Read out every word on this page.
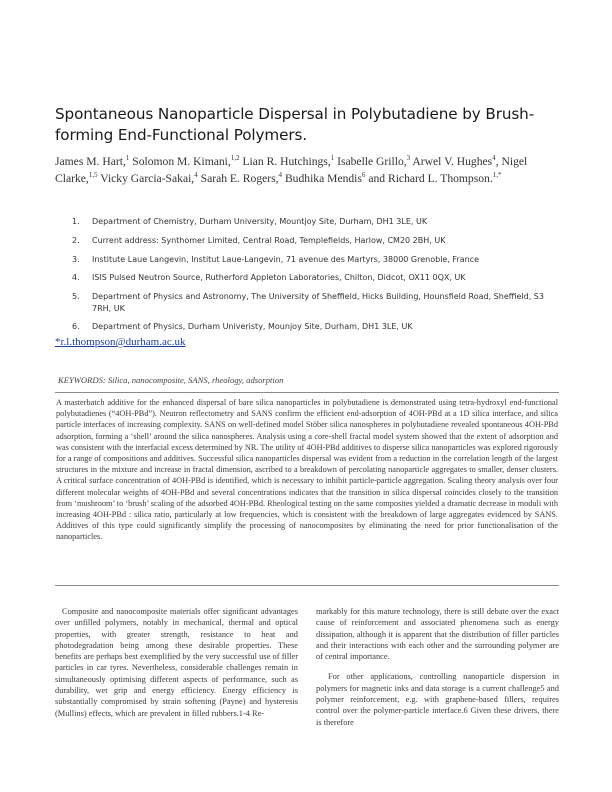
Spontaneous Nanoparticle Dispersal in Polybutadiene by Brush-forming End-Functional Polymers.
James M. Hart,$^1$ Solomon M. Kimani,$^{1,2}$ Lian R. Hutchings,$^1$ Isabelle Grillo,$^3$ Arwel V. Hughes$^4$, Nigel Clarke,$^{1,5}$ Vicky Garcia-Sakai,$^4$ Sarah E. Rogers,$^4$ Budhika Mendis$^6$ and Richard L. Thompson.$^{1,*}$
1. Department of Chemistry, Durham University, Mountjoy Site, Durham, DH1 3LE, UK
2. Current address: Synthomer Limited, Central Road, Templefields, Harlow, CM20 2BH, UK
3. Institute Laue Langevin, Institut Laue-Langevin, 71 avenue des Martyrs, 38000 Grenoble, France
4. ISIS Pulsed Neutron Source, Rutherford Appleton Laboratories, Chilton, Didcot, OX11 0QX, UK
5. Department of Physics and Astronomy, The University of Sheffield, Hicks Building, Hounsfield Road, Sheffield, S3 7RH, UK
6. Department of Physics, Durham Univeristy, Mounjoy Site, Durham, DH1 3LE, UK
*r.l.thompson@durham.ac.uk
KEYWORDS: Silica, nanocomposite, SANS, rheology, adsorption
A masterbatch additive for the enhanced dispersal of bare silica nanoparticles in polybutadiene is demonstrated using tetra-hydroxyl end-functional polybutadienes (“4OH-PBd”). Neutron reflectometry and SANS confirm the efficient end-adsorption of 4OH-PBd at a 1D silica interface, and silica particle interfaces of increasing complexity. SANS on well-defined model Stöber silica nanospheres in polybutadiene revealed spontaneous 4OH-PBd adsorption, forming a ‘shell’ around the silica nanospheres. Analysis using a core-shell fractal model system showed that the extent of adsorption and was consistent with the interfacial excess determined by NR. The utility of 4OH-PBd additives to disperse silica nanoparticles was explored rigorously for a range of compositions and additives. Successful silica nanoparticles dispersal was evident from a reduction in the correlation length of the largest structures in the mixture and increase in fractal dimension, ascribed to a breakdown of percolating nanoparticle aggregates to smaller, denser clusters. A critical surface concentration of 4OH-PBd is identified, which is necessary to inhibit particle-particle aggregation. Scaling theory analysis over four different molecular weights of 4OH-PBd and several concentrations indicates that the transition in silica dispersal coincides closely to the transition from ‘mushroom’ to ‘brush’ scaling of the adsorbed 4OH-PBd. Rheological testing on the same composites yielded a dramatic decrease in moduli with increasing 4OH-PBd : silica ratio, particularly at low frequencies, which is consistent with the breakdown of large aggregates evidenced by SANS. Additives of this type could significantly simplify the processing of nanocomposites by eliminating the need for prior functionalisation of the nanoparticles.

Composite and nanocomposite materials offer significant advantages over unfilled polymers, notably in mechanical, thermal and optical properties, with greater strength, resistance to heat and photodegradation being among these desirable properties. These benefits are perhaps best exemplified by the very successful use of filler particles in car tyres. Nevertheless, considerable challenges remain in simultaneously optimising different aspects of performance, such as durability, wet grip and energy efficiency. Energy efficiency is substantially compromised by strain softening (Payne) and hysteresis (Mullins) effects, which are prevalent in filled rubbers.1-4 Re-

markably for this mature technology, there is still debate over the exact cause of reinforcement and associated phenomena such as energy dissipation, although it is apparent that the distribution of filler particles and their interactions with each other and the surrounding polymer are of central importance.

For other applications, controlling nanoparticle dispersion in polymers for magnetic inks and data storage is a current challenge5 and polymer reinforcement, e.g. with graphene-based fillers, requires control over the polymer-particle interface.6 Given these drivers, there is therefore
